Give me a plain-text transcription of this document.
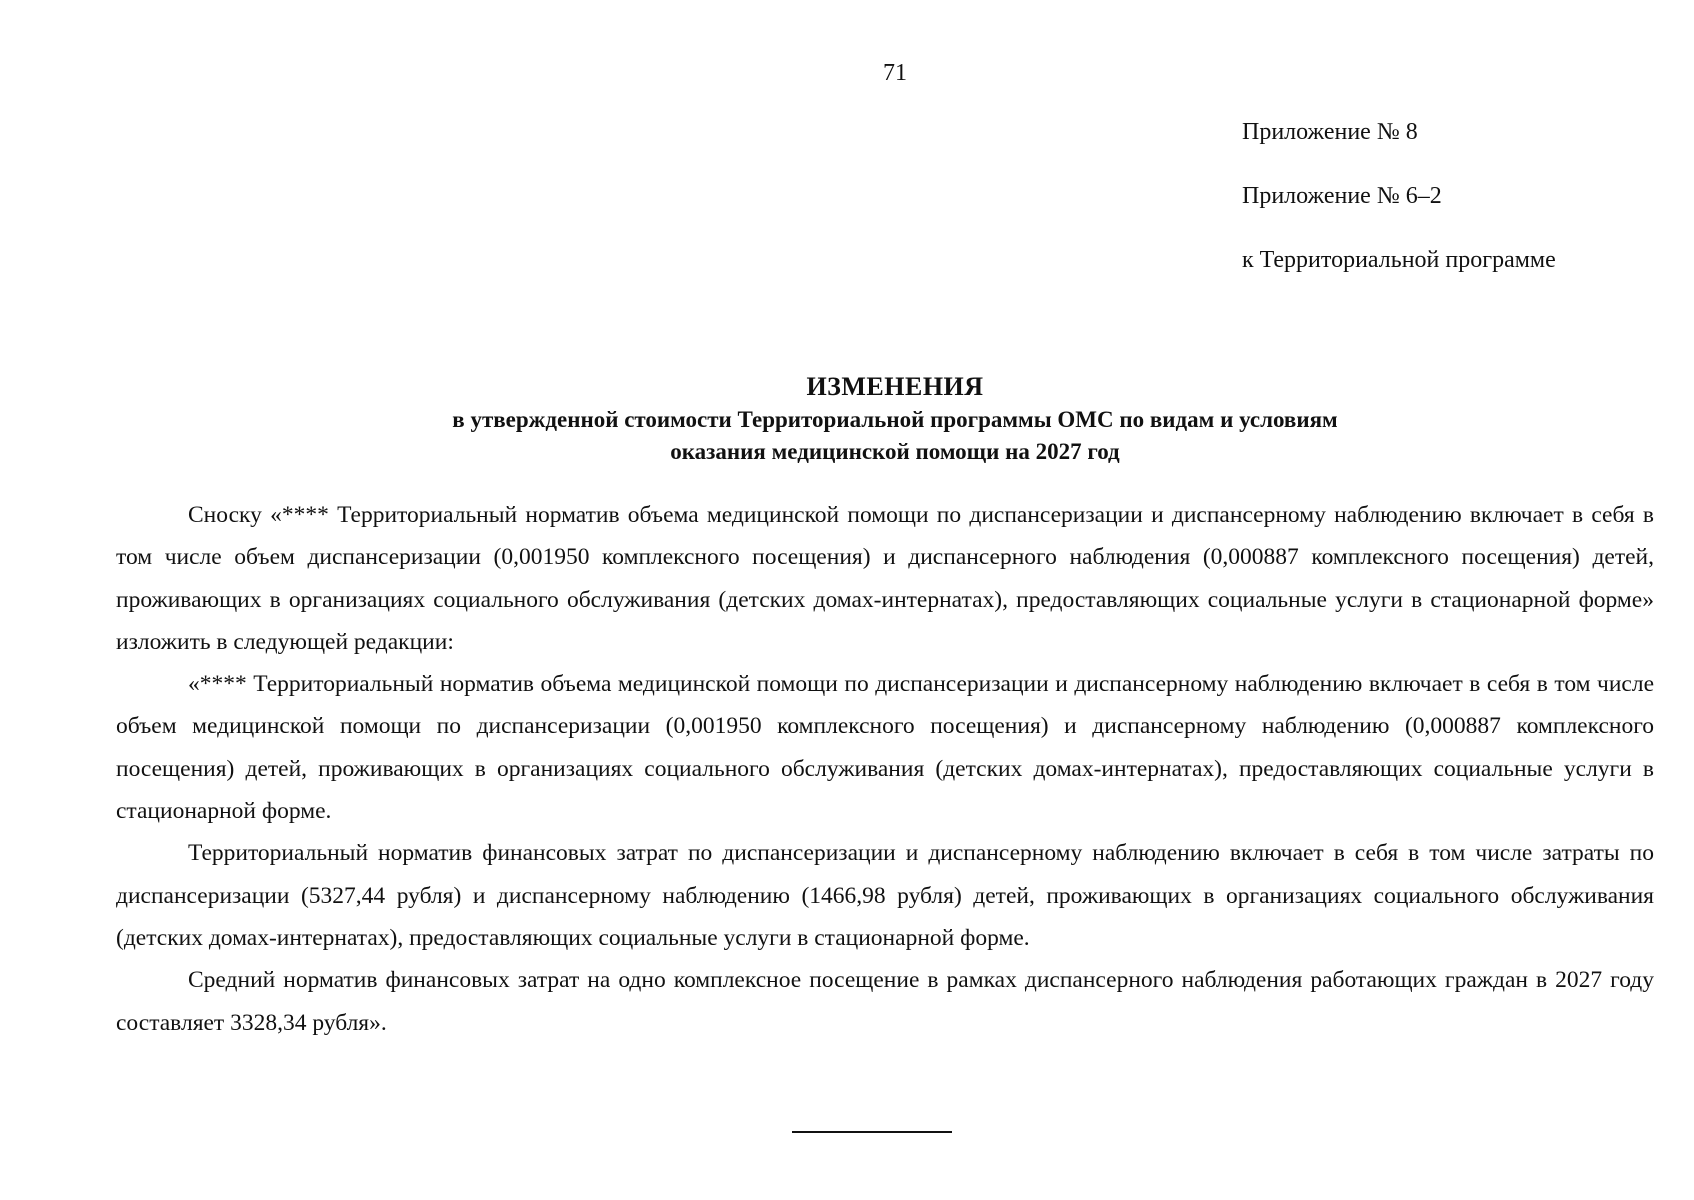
71
Приложение № 8
Приложение № 6–2
к Территориальной программе
ИЗМЕНЕНИЯ
в утвержденной стоимости Территориальной программы ОМС по видам и условиям
оказания медицинской помощи на 2027 год

Сноску «**** Территориальный норматив объема медицинской помощи по диспансеризации и диспансерному наблюдению включает в себя в том числе объем диспансеризации (0,001950 комплексного посещения) и диспансерного наблюдения (0,000887 комплексного посещения) детей, проживающих в организациях социального обслуживания (детских домах-интернатах), предоставляющих социальные услуги в стационарной форме» изложить в следующей редакции:

«**** Территориальный норматив объема медицинской помощи по диспансеризации и диспансерному наблюдению включает в себя в том числе объем медицинской помощи по диспансеризации (0,001950 комплексного посещения) и диспансерному наблюдению (0,000887 комплексного посещения) детей, проживающих в организациях социального обслуживания (детских домах-интернатах), предоставляющих социальные услуги в стационарной форме.

Территориальный норматив финансовых затрат по диспансеризации и диспансерному наблюдению включает в себя в том числе затраты по диспансеризации (5327,44 рубля) и диспансерному наблюдению (1466,98 рубля) детей, проживающих в организациях социального обслуживания (детских домах-интернатах), предоставляющих социальные услуги в стационарной форме.

Средний норматив финансовых затрат на одно комплексное посещение в рамках диспансерного наблюдения работающих граждан в 2027 году составляет 3328,34 рубля».
